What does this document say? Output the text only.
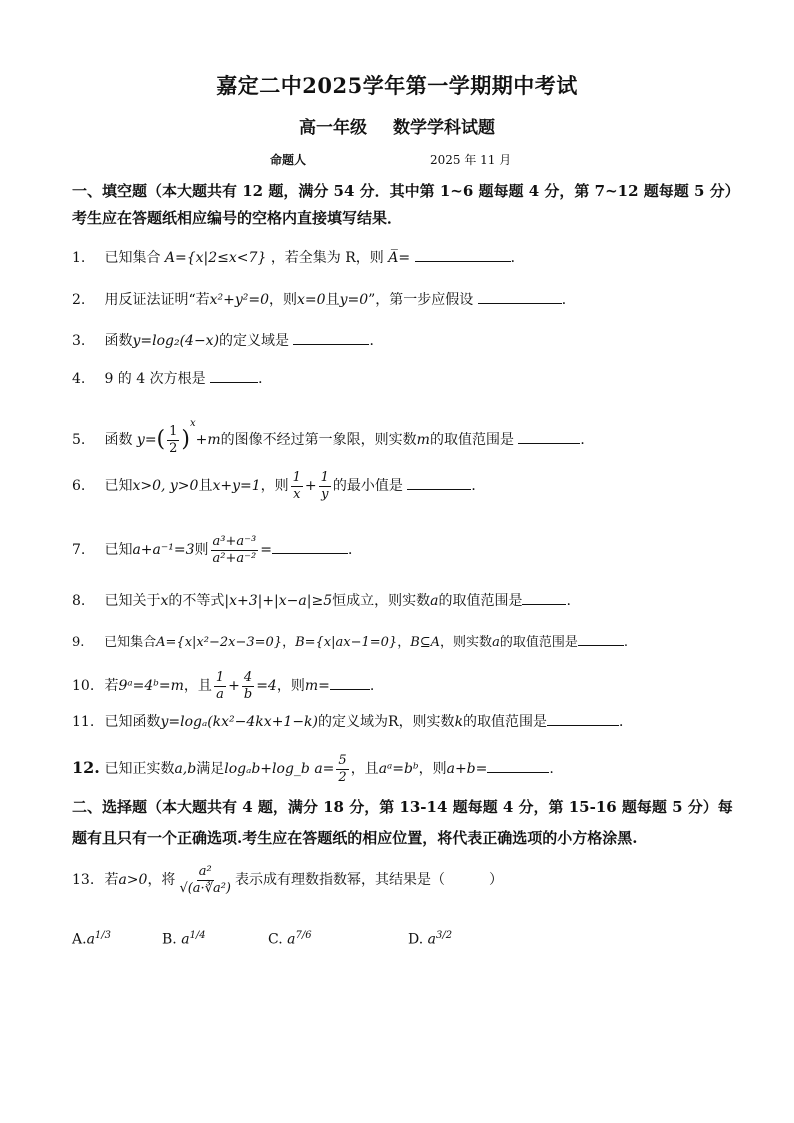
嘉定二中2025学年第一学期期中考试
高一年级 数学学科试题
命题人	2025 年 11 月
一、填空题（本大题共有 12 题，满分 54 分．其中第 1~6 题每题 4 分，第 7~12 题每题 5 分）
考生应在答题纸相应编号的空格内直接填写结果．
1. 已知集合 A={x|2≤x<7} ，若全集为 R，则 A̅=	．
2. 用反证法证明“若x²+y²=0，则x=0且y=0”，第一步应假设	．
3. 函数y=log₂(4−x)的定义域是	．
4. 9 的 4 次方根是	．
5. 函数 $y=( \frac{1}{2} )^x+m$的图像不经过第一象限，则实数m的取值范围是	．
6. 已知x>0, y>0且x+y=1，则 $\frac{1}{x} + \frac{1}{y}$ 的最小值是	．
7. 已知a+a⁻¹=3则 $\frac{\text{a³+a⁻³}}{\text{a²+a⁻²}}$ =	．
8. 已知关于x的不等式|x+3|+|x−a|≥5恒成立，则实数a的取值范围是	.
9. 已知集合A={x|x²−2x−3=0}，B={x|ax−1=0}，B⊆A，则实数a的取值范围是	.
10. 若9ᵃ=4ᵇ=m，且 $\frac{1}{a} + \frac{4}{b} =4$，则m=	.
11. 已知函数y=logₐ(kx²−4kx+1−k)的定义域为R，则实数k的取值范围是	．
12. 已知正实数a,b满足logₐb+log_b $a= \frac{5}{2}$ ，且aᵃ=bᵇ，则a+b=	.
二、选择题（本大题共有 4 题，满分 18 分，第 13-14 题每题 4 分，第 15-16 题每题 5 分）每
题有且只有一个正确选项.考生应在答题纸的相应位置，将代表正确选项的小方格涂黑.
13. 若a>0，将 $\frac{\text{a²}}{\text{√(a·∛a²)}}$ 表示成有理数指数幂，其结果是（	）
$A.a^{1/3}$	B. $a^{1/4}$	C. $a^{7/6}$	D. $a^{3/2}$
